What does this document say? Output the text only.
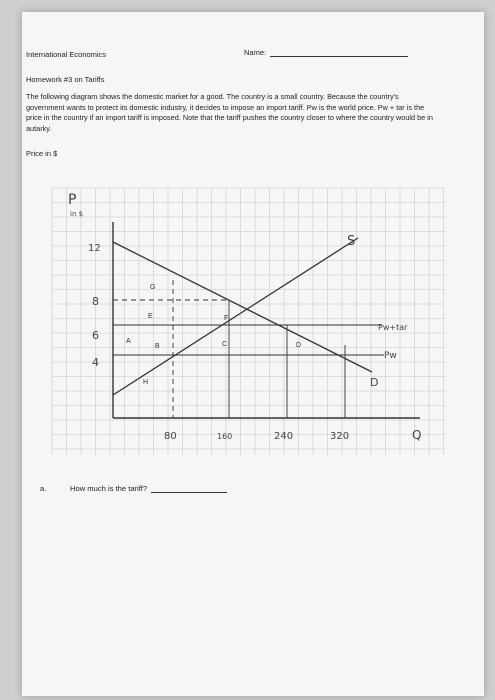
International Economics	Name:
Homework #3 on Tariffs
The following diagram shows the domestic market for a good. The country is a small country. Because the country's government wants to protect its domestic industry, it decides to impose an import tariff. Pw is the world price. Pw + tar is the price in the country if an import tariff is imposed. Note that the tariff pushes the country closer to where the country would be in autarky.
Price in $
P
in $
12
8
6
4
80	160	240	320	Q
S
D
Pw+tar
Pw
G
E	F
A
B	C	D
H
a.	How much is the tariff?
